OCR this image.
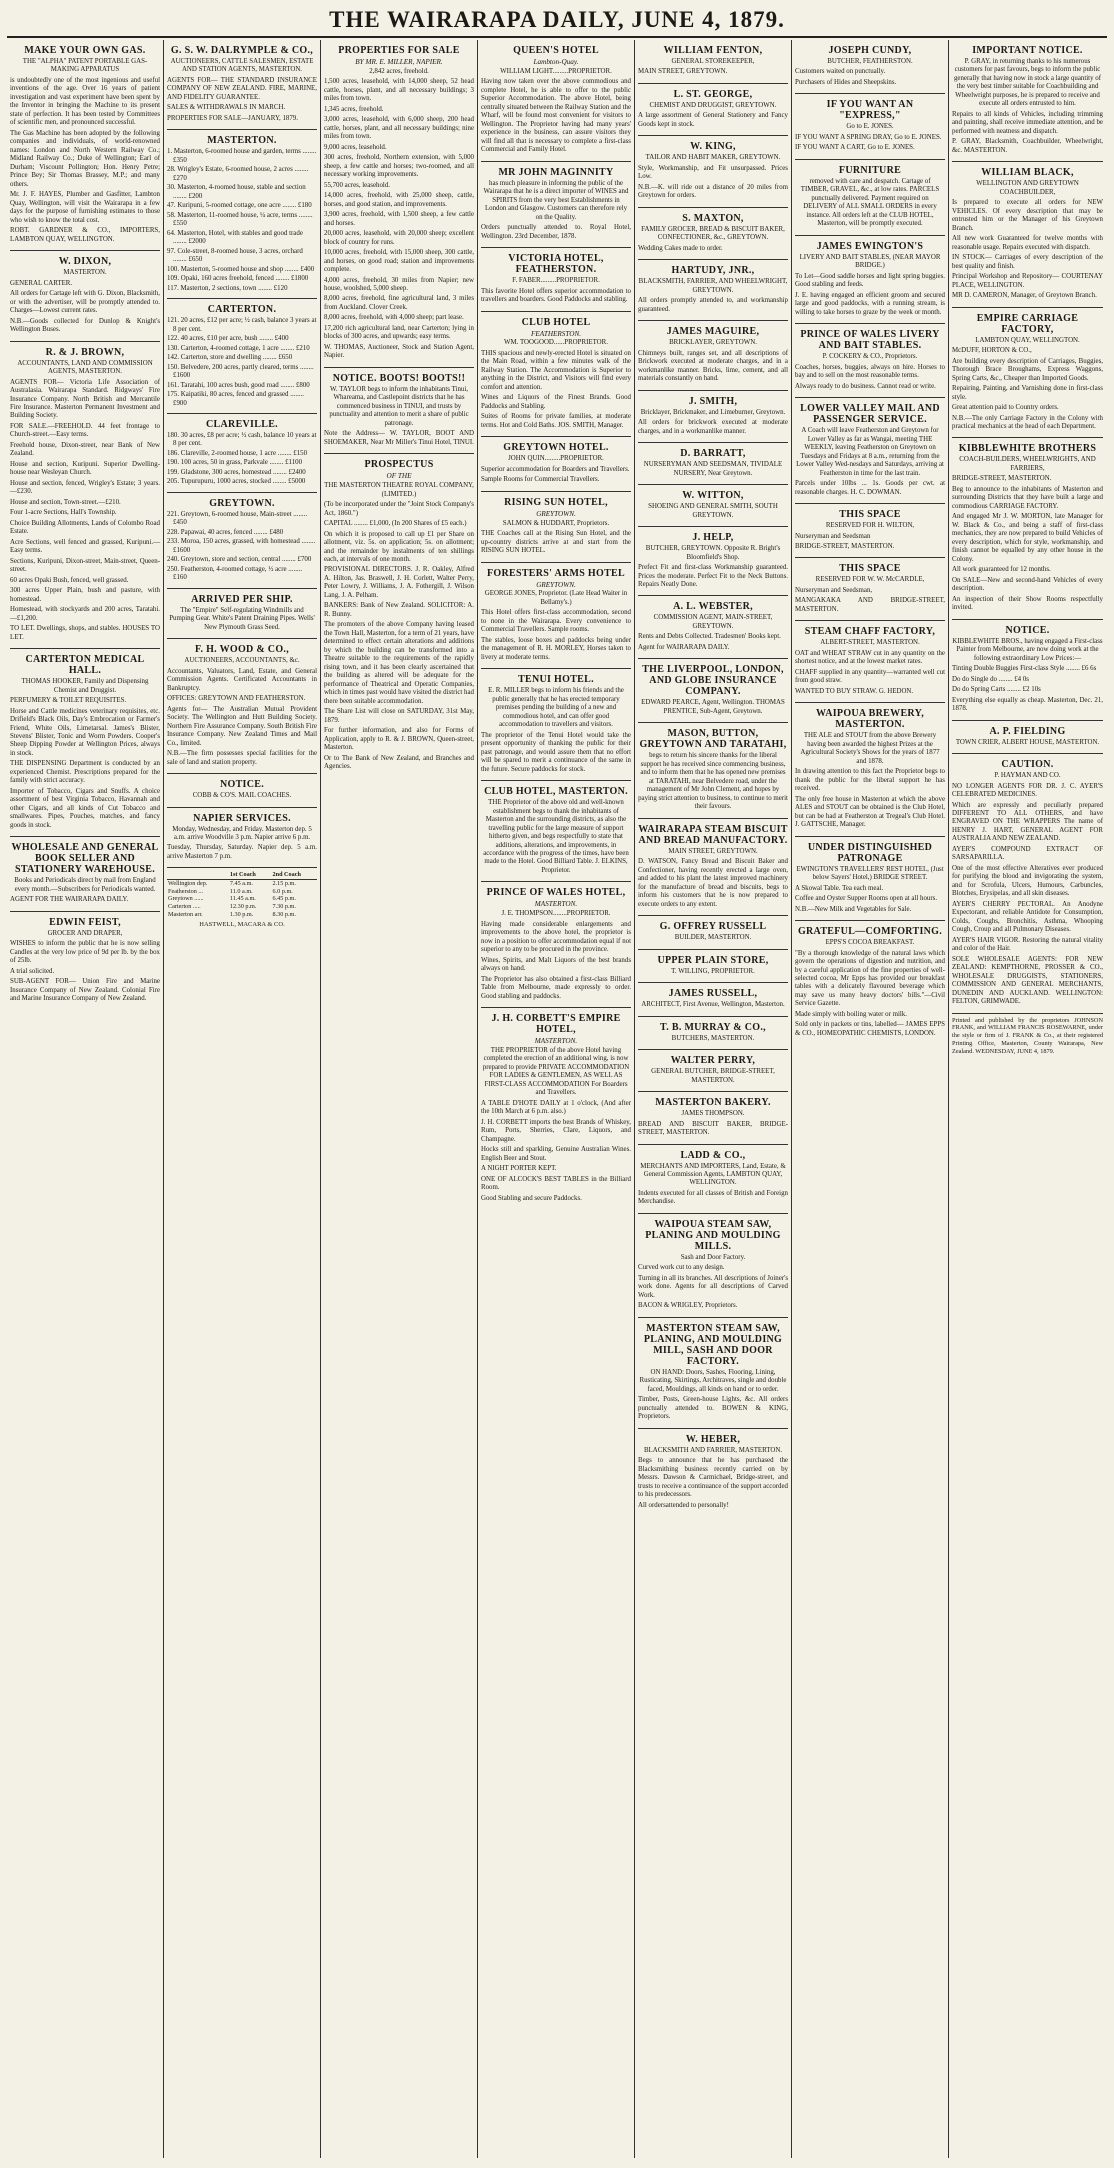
THE WAIRARAPA DAILY, JUNE 4, 1879.
MAKE YOUR OWN GAS.

THE "ALPHA" PATENT PORTABLE GAS-MAKING APPARATUS

is undoubtedly one of the most ingenious and useful inventions of the age. Over 16 years of patient investigation and vast experiment have been spent by the Inventor in bringing the Machine to its present state of perfection. It has been tested by Committees of scientific men, and pronounced successful.

The Gas Machine has been adopted by the following companies and individuals, of world-renowned names: London and North Western Railway Co.; Midland Railway Co.; Duke of Wellington; Earl of Durham; Viscount Pollington; Hon. Henry Petre; Prince Bey; Sir Thomas Brassey, M.P.; and many others.

Mr. J. F. HAYES, Plumber and Gasfitter, Lambton Quay, Wellington, will visit the Wairarapa in a few days for the purpose of furnishing estimates to those who wish to know the total cost.

ROBT. GARDNER & CO., IMPORTERS, LAMBTON QUAY, WELLINGTON.

W. DIXON,

MASTERTON.

GENERAL CARTER.

All orders for Cartage left with G. Dixon, Blacksmith, or with the advertiser, will be promptly attended to. Charges—Lowest current rates.

N.B.—Goods collected for Dunlop & Knight's Wellington Buses.

R. & J. BROWN,

ACCOUNTANTS, LAND AND COMMISSION AGENTS, MASTERTON.

AGENTS FOR— Victoria Life Association of Australasia. Wairarapa Standard. Ridgways' Fire Insurance Company. North British and Mercantile Fire Insurance. Masterton Permanent Investment and Building Society.

FOR SALE.—FREEHOLD. 44 feet frontage to Church-street.—Easy terms.

Freehold house, Dixon-street, near Bank of New Zealand.

House and section, Kuripuni. Superior Dwelling-house near Wesleyan Church.

House and section, fenced, Wrigley's Estate; 3 years.—£230.

House and section, Town-street.—£210.

Four 1-acre Sections, Hall's Township.

Choice Building Allotments, Lands of Colombo Road Estate.

Acre Sections, well fenced and grassed, Kuripuni.—Easy terms.

Sections, Kuripuni, Dixon-street, Main-street, Queen-street.

60 acres Opaki Bush, fenced, well grassed.

300 acres Upper Plain, bush and pasture, with homestead.

Homestead, with stockyards and 200 acres, Taratahi.—£1,200.

TO LET. Dwellings, shops, and stables. HOUSES TO LET.

CARTERTON MEDICAL HALL.

THOMAS HOOKER, Family and Dispensing Chemist and Druggist.

PERFUMERY & TOILET REQUISITES.

Horse and Cattle medicines veterinary requisites, etc. Drifield's Black Oils, Day's Embrocation or Farmer's Friend, White Oils, Limetarsal. James's Blister, Stevens' Blister, Tonic and Worm Powders. Cooper's Sheep Dipping Powder at Wellington Prices, always in stock.

THE DISPENSING Department is conducted by an experienced Chemist. Prescriptions prepared for the family with strict accuracy.

Importer of Tobacco, Cigars and Snuffs. A choice assortment of best Virginia Tobacco, Havannah and other Cigars, and all kinds of Cut Tobacco and smallwares. Pipes, Pouches, matches, and fancy goods in stock.

WHOLESALE AND GENERAL BOOK SELLER AND STATIONERY WAREHOUSE.

Books and Periodicals direct by mail from England every month.—Subscribers for Periodicals wanted.

AGENT FOR THE WAIRARAPA DAILY.

EDWIN FEIST,

GROCER AND DRAPER,

WISHES to inform the public that he is now selling Candles at the very low price of 9d per lb. by the box of 25lb.

A trial solicited.

SUB-AGENT FOR— Union Fire and Marine Insurance Company of New Zealand. Colonial Fire and Marine Insurance Company of New Zealand.

G. S. W. DALRYMPLE & CO.,

AUCTIONEERS, CATTLE SALESMEN, ESTATE AND STATION AGENTS, MASTERTON.

AGENTS FOR— THE STANDARD INSURANCE COMPANY OF NEW ZEALAND. FIRE, MARINE, AND FIDELITY GUARANTEE.

SALES & WITHDRAWALS IN MARCH.

PROPERTIES FOR SALE—JANUARY, 1879.

MASTERTON.
1. Masterton, 6-roomed house and garden, terms ........ £350
28. Wrigley's Estate, 6-roomed house, 2 acres ........ £270
30. Masterton, 4-roomed house, stable and section ........ £200
47. Kuripuni, 5-roomed cottage, one acre ........ £180
58. Masterton, 11-roomed house, ¼ acre, terms ........ £550
64. Masterton, Hotel, with stables and good trade ........ £2000
97. Cole-street, 8-roomed house, 3 acres, orchard ........ £650
100. Masterton, 5-roomed house and shop ........ £400
109. Opaki, 160 acres freehold, fenced ........ £1800
117. Masterton, 2 sections, town ........ £120
CARTERTON.
121. 20 acres, £12 per acre; ½ cash, balance 3 years at 8 per cent.
122. 40 acres, £10 per acre, bush ........ £400
130. Carterton, 4-roomed cottage, 1 acre ........ £210
142. Carterton, store and dwelling ........ £650
150. Belvedere, 200 acres, partly cleared, terms ........ £1600
161. Taratahi, 100 acres bush, good road ........ £800
175. Kaipatiki, 80 acres, fenced and grassed ........ £900
CLAREVILLE.
180. 30 acres, £8 per acre; ½ cash, balance 10 years at 8 per cent.
186. Clareville, 2-roomed house, 1 acre ........ £150
190. 100 acres, 50 in grass, Parkvale ........ £1100
199. Gladstone, 300 acres, homestead ........ £2400
205. Tupurupuru, 1000 acres, stocked ........ £5000
GREYTOWN.
221. Greytown, 6-roomed house, Main-street ........ £450
228. Papawai, 40 acres, fenced ........ £480
233. Moroa, 150 acres, grassed, with homestead ........ £1600
240. Greytown, store and section, central ........ £700
250. Featherston, 4-roomed cottage, ½ acre ........ £160
ARRIVED PER SHIP.

The "Empire" Self-regulating Windmills and Pumping Gear. White's Patent Draining Pipes. Wells' New Plymouth Grass Seed.

F. H. WOOD & CO.,

AUCTIONEERS, ACCOUNTANTS, &c.

Accountants, Valuators, Land, Estate, and General Commission Agents. Certificated Accountants in Bankruptcy.

OFFICES: GREYTOWN AND FEATHERSTON.

Agents for— The Australian Mutual Provident Society. The Wellington and Hutt Building Society. Northern Fire Assurance Company. South British Fire Insurance Company. New Zealand Times and Mail Co., limited.

N.B.—The firm possesses special facilities for the sale of land and station property.

NOTICE.

COBB & CO'S. MAIL COACHES.

NAPIER SERVICES.

Monday, Wednesday, and Friday. Masterton dep. 5 a.m. arrive Woodville 3 p.m. Napier arrive 6 p.m.

Tuesday, Thursday, Saturday. Napier dep. 5 a.m. arrive Masterton 7 p.m.

	1st Coach	2nd Coach
Wellington dep.	7.45 a.m.	2.15 p.m.
Featherston ...	11.0 a.m.	6.0 p.m.
Greytown ......	11.45 a.m.	6.45 p.m.
Carterton .....	12.30 p.m.	7.30 p.m.
Masterton arr.	1.30 p.m.	8.30 p.m.
HASTWELL, MACARA & CO.
PROPERTIES FOR SALE
BY MR. E. MILLER, NAPIER.

2,842 acres, freehold.

1,500 acres, leasehold, with 14,000 sheep, 52 head cattle, horses, plant, and all necessary buildings; 3 miles from town.

1,345 acres, freehold.

3,000 acres, leasehold, with 6,000 sheep, 200 head cattle, horses, plant, and all necessary buildings; nine miles from town.

9,000 acres, leasehold.

300 acres, freehold, Northern extension, with 5,000 sheep, a few cattle and horses; two-roomed, and all necessary working improvements.

55,700 acres, leasehold.

14,000 acres, freehold, with 25,000 sheep, cattle, horses, and good station, and improvements.

3,900 acres, freehold, with 1,500 sheep, a few cattle and horses.

20,000 acres, leasehold, with 20,000 sheep; excellent block of country for runs.

10,000 acres, freehold, with 15,000 sheep, 300 cattle, and horses, on good road; station and improvements complete.

4,000 acres, freehold, 30 miles from Napier; new house, woolshed, 5,000 sheep.

8,000 acres, freehold, fine agricultural land, 3 miles from Auckland. Clover Creek.

8,000 acres, freehold, with 4,000 sheep; part lease.

17,200 rich agricultural land, near Carterton; lying in blocks of 300 acres, and upwards; easy terms.

W. THOMAS, Auctioneer, Stock and Station Agent, Napier.

NOTICE. BOOTS! BOOTS!!

W. TAYLOR begs to inform the inhabitants Tinui, Whareama, and Castlepoint districts that he has commenced business in TINUI, and trusts by punctuality and attention to merit a share of public patronage.

Note the Address— W. TAYLOR, BOOT AND SHOEMAKER, Near Mr Miller's Tinui Hotel, TINUI.

PROSPECTUS
OF THE

THE MASTERTON THEATRE ROYAL COMPANY, (LIMITED.)

(To be incorporated under the "Joint Stock Company's Act, 1860.")

CAPITAL ........ £1,000, (In 200 Shares of £5 each.)

On which it is proposed to call up £1 per Share on allotment, viz. 5s. on application; 5s. on allotment; and the remainder by instalments of ten shillings each, at intervals of one month.

PROVISIONAL DIRECTORS. J. R. Oakley, Alfred A. Hilton, Jas. Braswell, J. H. Corlett, Walter Perry, Peter Lowry, J. Williams, J. A. Fothergill, J. Wilson Lang, J. A. Pelham.

BANKERS: Bank of New Zealand. SOLICITOR: A. R. Bunny.

The promoters of the above Company having leased the Town Hall, Masterton, for a term of 21 years, have determined to effect certain alterations and additions by which the building can be transformed into a Theatre suitable to the requirements of the rapidly rising town, and it has been clearly ascertained that the building as altered will be adequate for the performance of Theatrical and Operatic Companies, which in times past would have visited the district had there been suitable accommodation.

The Share List will close on SATURDAY, 31st May, 1879.

For further information, and also for Forms of Application, apply to R. & J. BROWN, Queen-street, Masterton.

Or to The Bank of New Zealand, and Branches and Agencies.

QUEEN'S HOTEL
Lambton-Quay.

WILLIAM LIGHT.........PROPRIETOR.

Having now taken over the above commodious and complete Hotel, he is able to offer to the public Superior Accommodation. The above Hotel, being centrally situated between the Railway Station and the Wharf, will be found most convenient for visitors to Wellington. The Proprietor having had many years' experience in the business, can assure visitors they will find all that is necessary to complete a first-class Commercial and Family Hotel.

MR JOHN MAGINNITY

has much pleasure in informing the public of the Wairarapa that he is a direct importer of WINES and SPIRITS from the very best Establishments in London and Glasgow. Customers can therefore rely on the Quality.

Orders punctually attended to. Royal Hotel, Wellington. 23rd December, 1878.

VICTORIA HOTEL, FEATHERSTON.

F. FABER.........PROPRIETOR.

This favorite Hotel offers superior accommodation to travellers and boarders. Good Paddocks and stabling.

CLUB HOTEL
FEATHERSTON.

WM. TOOGOOD......PROPRIETOR.

THIS spacious and newly-erected Hotel is situated on the Main Road, within a few minutes walk of the Railway Station. The Accommodation is Superior to anything in the District, and Visitors will find every comfort and attention.

Wines and Liquors of the Finest Brands. Good Paddocks and Stabling.

Suites of Rooms for private families, at moderate terms. Hot and Cold Baths. JOS. SMITH, Manager.

GREYTOWN HOTEL.

JOHN QUIN.........PROPRIETOR.

Superior accommodation for Boarders and Travellers.

Sample Rooms for Commercial Travellers.

RISING SUN HOTEL,
GREYTOWN.

SALMON & HUDDART, Proprietors.

THE Coaches call at the Rising Sun Hotel, and the up-country districts arrive at and start from the RISING SUN HOTEL.

FORESTERS' ARMS HOTEL
GREYTOWN.

GEORGE JONES, Proprietor. (Late Head Waiter in Bellamy's.)

This Hotel offers first-class accommodation, second to none in the Wairarapa. Every convenience to Commercial Travellers. Sample rooms.

The stables, loose boxes and paddocks being under the management of R. H. MORLEY, Horses taken to livery at moderate terms.

TENUI HOTEL.

E. R. MILLER begs to inform his friends and the public generally that he has erected temporary premises pending the building of a new and commodious hotel, and can offer good accommodation to travellers and visitors.

The proprietor of the Tenui Hotel would take the present opportunity of thanking the public for their past patronage, and would assure them that no effort will be spared to merit a continuance of the same in the future. Secure paddocks for stock.

CLUB HOTEL, MASTERTON.

THE Proprietor of the above old and well-known establishment begs to thank the inhabitants of Masterton and the surrounding districts, as also the travelling public for the large measure of support hitherto given, and begs respectfully to state that additions, alterations, and improvements, in accordance with the progress of the times, have been made to the Hotel. Good Billiard Table. J. ELKINS, Proprietor.

PRINCE OF WALES HOTEL,
MASTERTON.

J. E. THOMPSON........PROPRIETOR.

Having made considerable enlargements and improvements to the above hotel, the proprietor is now in a position to offer accommodation equal if not superior to any to be procured in the province.

Wines, Spirits, and Malt Liquors of the best brands always on hand.

The Proprietor has also obtained a first-class Billiard Table from Melbourne, made expressly to order. Good stabling and paddocks.

J. H. CORBETT'S EMPIRE HOTEL,
MASTERTON.

THE PROPRIETOR of the above Hotel having completed the erection of an additional wing, is now prepared to provide PRIVATE ACCOMMODATION FOR LADIES & GENTLEMEN, AS WELL AS FIRST-CLASS ACCOMMODATION For Boarders and Travellers.

A TABLE D'HOTE DAILY at 1 o'clock, (And after the 10th March at 6 p.m. also.)

J. H. CORBETT imports the best Brands of Whiskey, Rum, Ports, Sherries, Clare, Liquors, and Champagne.

Hocks still and sparkling, Genuine Australian Wines. English Beer and Stout.

A NIGHT PORTER KEPT.

ONE OF ALCOCK'S BEST TABLES in the Billiard Room.

Good Stabling and secure Paddocks.

WILLIAM FENTON,

GENERAL STOREKEEPER,

MAIN STREET, GREYTOWN.

L. ST. GEORGE,

CHEMIST AND DRUGGIST, GREYTOWN.

A large assortment of General Stationery and Fancy Goods kept in stock.

W. KING,

TAILOR AND HABIT MAKER, GREYTOWN.

Style, Workmanship, and Fit unsurpassed. Prices Low.

N.B.—K. will ride out a distance of 20 miles from Greytown for orders.

S. MAXTON,

FAMILY GROCER, BREAD & BISCUIT BAKER, CONFECTIONER, &c., GREYTOWN.

Wedding Cakes made to order.

HARTUDY, JNR.,

BLACKSMITH, FARRIER, AND WHEELWRIGHT, GREYTOWN.

All orders promptly attended to, and workmanship guaranteed.

JAMES MAGUIRE,

BRICKLAYER, GREYTOWN.

Chimneys built, ranges set, and all descriptions of Brickwork executed at moderate charges, and in a workmanlike manner. Bricks, lime, cement, and all materials constantly on hand.

J. SMITH,

Bricklayer, Brickmaker, and Limeburner, Greytown.

All orders for brickwork executed at moderate charges, and in a workmanlike manner.

D. BARRATT,

NURSERYMAN AND SEEDSMAN, TIVIDALE NURSERY, Near Greytown.

W. WITTON,

SHOEING AND GENERAL SMITH, SOUTH GREYTOWN.

J. HELP,

BUTCHER, GREYTOWN. Opposite R. Bright's Bloomfield's Shop.

Prefect Fit and first-class Workmanship guaranteed. Prices the moderate. Perfect Fit to the Neck Buttons. Repairs Neatly Done.

A. L. WEBSTER,

COMMISSION AGENT, MAIN-STREET, GREYTOWN.

Rents and Debts Collected. Tradesmen' Books kept.

Agent for WAIRARAPA DAILY.

THE LIVERPOOL, LONDON, AND GLOBE INSURANCE COMPANY.

EDWARD PEARCE, Agent, Wellington. THOMAS PRENTICE, Sub-Agent, Greytown.

MASON, BUTTON, GREYTOWN AND TARATAHI,

begs to return his sincere thanks for the liberal support he has received since commencing business, and to inform them that he has opened new premises at TARATAHI, near Belvedere road, under the management of Mr John Clement, and hopes by paying strict attention to business, to continue to merit their favours.

WAIRARAPA STEAM BISCUIT AND BREAD MANUFACTORY.

MAIN STREET, GREYTOWN.

D. WATSON, Fancy Bread and Biscuit Baker and Confectioner, having recently erected a large oven, and added to his plant the latest improved machinery for the manufacture of bread and biscuits, begs to inform his customers that he is now prepared to execute orders to any extent.

G. OFFREY RUSSELL

BUILDER, MASTERTON.

UPPER PLAIN STORE,

T. WILLING, PROPRIETOR.

JAMES RUSSELL,

ARCHITECT, First Avenue, Wellington, Masterton.

T. B. MURRAY & CO.,

BUTCHERS, MASTERTON.

WALTER PERRY,

GENERAL BUTCHER, BRIDGE-STREET, MASTERTON.

MASTERTON BAKERY.

JAMES THOMPSON.

BREAD AND BISCUIT BAKER, BRIDGE-STREET, MASTERTON.

LADD & CO.,

MERCHANTS AND IMPORTERS, Land, Estate, & General Commission Agents, LAMBTON QUAY, WELLINGTON.

Indents executed for all classes of British and Foreign Merchandise.

WAIPOUA STEAM SAW, PLANING AND MOULDING MILLS.

Sash and Door Factory.

Curved work cut to any design.

Turning in all its branches. All descriptions of Joiner's work done. Agents for all descriptions of Carved Work.

BACON & WRIGLEY, Proprietors.

MASTERTON STEAM SAW, PLANING, AND MOULDING MILL, SASH AND DOOR FACTORY.

ON HAND: Doors, Sashes, Flooring, Lining, Rusticating, Skirtings, Architraves, single and double faced, Mouldings, all kinds on hand or to order.

Timber, Posts, Green-house Lights, &c. All orders punctually attended to. BOWEN & KING, Proprietors.

W. HEBER,

BLACKSMITH AND FARRIER, MASTERTON.

Begs to announce that he has purchased the Blacksmithing business recently carried on by Messrs. Dawson & Carmichael, Bridge-street, and trusts to receive a continuance of the support accorded to his predecessors.

All ordersattended to personally!

JOSEPH CUNDY,

BUTCHER, FEATHERSTON.

Customers waited on punctually.

Purchasers of Hides and Sheepskins.

IF YOU WANT AN "EXPRESS,"

Go to E. JONES.

IF YOU WANT A SPRING DRAY, Go to E. JONES.

IF YOU WANT A CART, Go to E. JONES.

FURNITURE

removed with care and despatch. Cartage of TIMBER, GRAVEL, &c., at low rates. PARCELS punctually delivered. Payment required on DELIVERY of ALL SMALL ORDERS in every instance. All orders left at the CLUB HOTEL, Masterton, will be promptly executed.

JAMES EWINGTON'S

LIVERY AND BAIT STABLES, (NEAR MAYOR BRIDGE.)

To Let—Good saddle horses and light spring buggies. Good stabling and feeds.

J. E. having engaged an efficient groom and secured large and good paddocks, with a running stream, is willing to take horses to graze by the week or month.

PRINCE OF WALES LIVERY AND BAIT STABLES.

P. COCKERY & CO., Proprietors.

Coaches, horses, buggies, always on hire. Horses to bay and to sell on the most reasonable terms.

Always ready to do business. Cannot read or write.

LOWER VALLEY MAIL AND PASSENGER SERVICE.

A Coach will leave Featherston and Greytown for Lower Valley as far as Wangai, meeting THE WEEKLY, leaving Featherston on Greytown on Tuesdays and Fridays at 8 a.m., returning from the Lower Valley Wed-nesdays and Saturdays, arriving at Featherston in time for the last train.

Parcels under 10lbs ... 1s. Goods per cwt. at reasonable charges. H. C. DOWMAN.

THIS SPACE

RESERVED FOR H. WILTON,

Nurseryman and Seedsman

BRIDGE-STREET, MASTERTON.

THIS SPACE

RESERVED FOR W. W. McCARDLE,

Nurseryman and Seedsman,

MANGAKAKA AND BRIDGE-STREET, MASTERTON.

STEAM CHAFF FACTORY,

ALBERT-STREET, MASTERTON.

OAT and WHEAT STRAW cut in any quantity on the shortest notice, and at the lowest market rates.

CHAFF supplied in any quantity—warranted well cut from good straw.

WANTED TO BUY STRAW. G. HEDON.

WAIPOUA BREWERY, MASTERTON.

THE ALE and STOUT from the above Brewery having been awarded the highest Prizes at the Agricultural Society's Shows for the years of 1877 and 1878.

In drawing attention to this fact the Proprietor begs to thank the public for the liberal support he has received.

The only free house in Masterton at which the above ALES and STOUT can be obtained is the Club Hotel, but can be had at Featherston at Tregeal's Club Hotel. J. GATTSCHE, Manager.

UNDER DISTINGUISHED PATRONAGE

EWINGTON'S TRAVELLERS' REST HOTEL, (Just below Sayers' Hotel,) BRIDGE STREET.

A Skowal Table. Tea each meal.

Coffee and Oyster Supper Rooms open at all hours.

N.B.—New Milk and Vegetables for Sale.

GRATEFUL—COMFORTING.

EPPS'S COCOA BREAKFAST.

"By a thorough knowledge of the natural laws which govern the operations of digestion and nutrition, and by a careful application of the fine properties of well-selected cocoa, Mr Epps has provided our breakfast tables with a delicately flavoured beverage which may save us many heavy doctors' bills."—Civil Service Gazette.

Made simply with boiling water or milk.

Sold only in packets or tins, labelled— JAMES EPPS & CO., HOMEOPATHIC CHEMISTS, LONDON.

IMPORTANT NOTICE.

P. GRAY, in returning thanks to his numerous customers for past favours, begs to inform the public generally that having now in stock a large quantity of the very best timber suitable for Coachbuilding and Wheelwright purposes, he is prepared to receive and execute all orders entrusted to him.

Repairs to all kinds of Vehicles, including trimming and painting, shall receive immediate attention, and be performed with neatness and dispatch.

P. GRAY, Blacksmith, Coachbuilder, Wheelwright, &c. MASTERTON.

WILLIAM BLACK,

WELLINGTON AND GREYTOWN COACHBUILDER,

Is prepared to execute all orders for NEW VEHICLES. Of every description that may be entrusted him or the Manager of his Greytown Branch.

All new work Guaranteed for twelve months with reasonable usage. Repairs executed with dispatch.

IN STOCK— Carriages of every description of the best quality and finish.

Principal Workshop and Repository— COURTENAY PLACE, WELLINGTON.

MR D. CAMERON, Manager, of Greytown Branch.

EMPIRE CARRIAGE FACTORY,

LAMBTON QUAY, WELLINGTON.

McDUFF, HORTON & CO.,

Are building every description of Carriages, Buggies, Thorough Brace Broughams, Express Waggons, Spring Carts, &c., Cheaper than Imported Goods.

Repairing, Painting, and Varnishing done in first-class style.

Great attention paid to Country orders.

N.B.—The only Carriage Factory in the Colony with practical mechanics at the head of each Department.

KIBBLEWHITE BROTHERS

COACH-BUILDERS, WHEELWRIGHTS, AND FARRIERS,

BRIDGE-STREET, MASTERTON.

Beg to announce to the inhabitants of Masterton and surrounding Districts that they have built a large and commodious CARRIAGE FACTORY.

And engaged Mr J. W. MORTON, late Manager for W. Black & Co., and being a staff of first-class mechanics, they are now prepared to build Vehicles of every description, which for style, workmanship, and finish cannot be equalled by any other house in the Colony.

All work guaranteed for 12 months.

On SALE—New and second-hand Vehicles of every description.

An inspection of their Show Rooms respectfully invited.

NOTICE.

KIBBLEWHITE BROS., having engaged a First-class Painter from Melbourne, are now doing work at the following extraordinary Low Prices:—

Tinting Double Buggies First-class Style ........ £6 6s

Do do Single do ........ £4 0s

Do do Spring Carts ........ £2 10s

Everything else equally as cheap. Masterton, Dec. 21, 1878.

A. P. FIELDING

TOWN CRIER, ALBERT HOUSE, MASTERTON.

CAUTION.

P. HAYMAN AND CO.

NO LONGER AGENTS FOR DR. J. C. AYER'S CELEBRATED MEDICINES.

Which are expressly and peculiarly prepared DIFFERENT TO ALL OTHERS, and have ENGRAVED ON THE WRAPPERS The name of HENRY J. HART, GENERAL AGENT FOR AUSTRALIA AND NEW ZEALAND.

AYER'S COMPOUND EXTRACT OF SARSAPARILLA.

One of the most effective Alteratives ever produced for purifying the blood and invigorating the system, and for Scrofula, Ulcers, Humours, Carbuncles, Blotches, Erysipelas, and all skin diseases.

AYER'S CHERRY PECTORAL. An Anodyne Expectorant, and reliable Antidote for Consumption, Colds, Coughs, Bronchitis, Asthma, Whooping Cough, Croup and all Pulmonary Diseases.

AYER'S HAIR VIGOR. Restoring the natural vitality and color of the Hair.

SOLE WHOLESALE AGENTS: FOR NEW ZEALAND: KEMPTHORNE, PROSSER & CO., WHOLESALE DRUGGISTS, STATIONERS, COMMISSION AND GENERAL MERCHANTS, DUNEDIN AND AUCKLAND. WELLINGTON: FELTON, GRIMWADE.

Printed and published by the proprietors JOHNSON FRANK, and WILLIAM FRANCIS ROSEWARNE, under the style or firm of J. FRANK & Co., at their registered Printing Office, Masterton, County Wairarapa, New Zealand. WEDNESDAY, JUNE 4, 1879.
